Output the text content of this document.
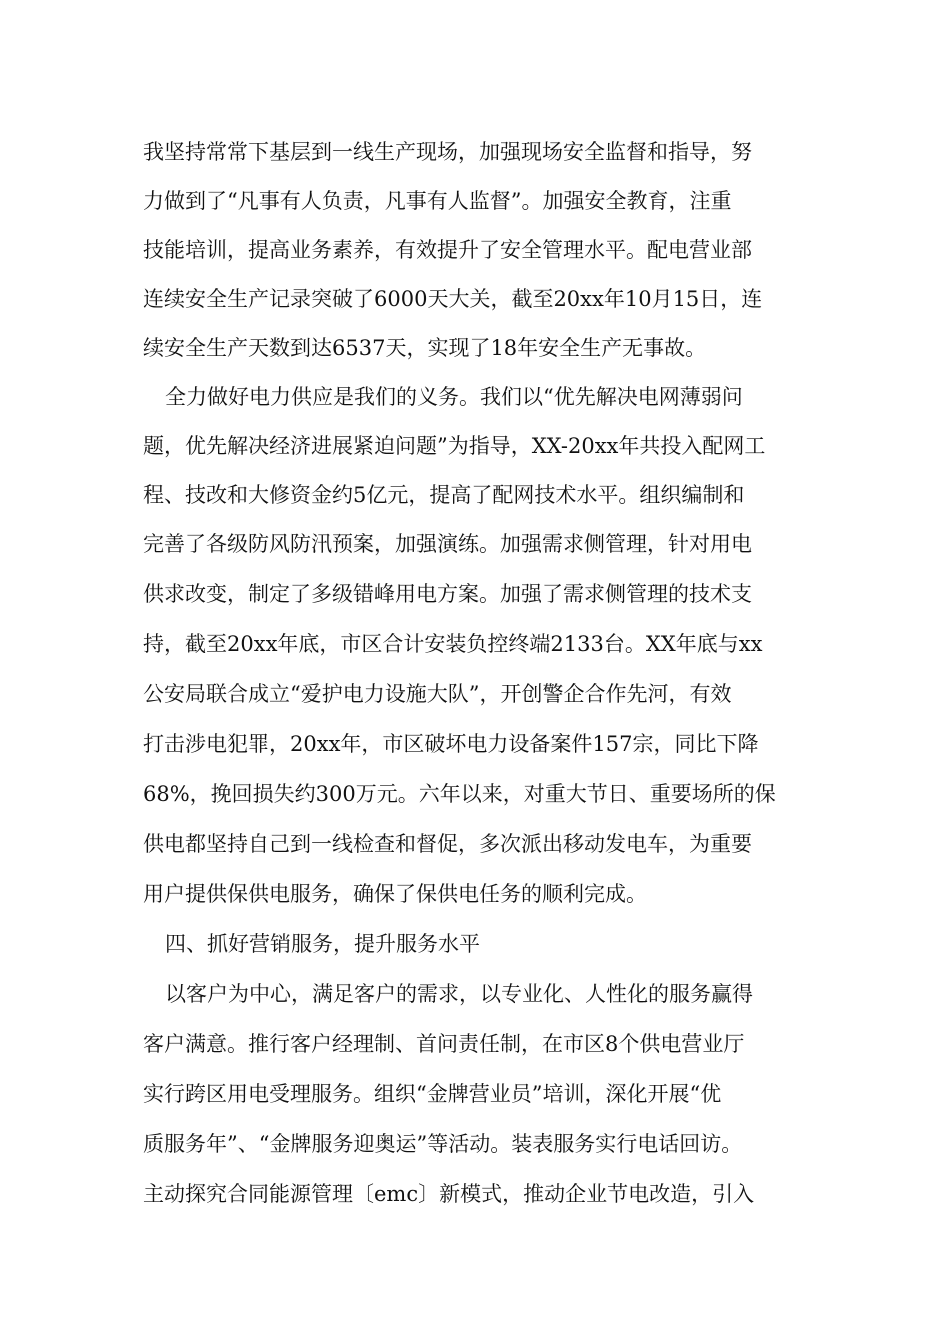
我坚持常常下基层到一线生产现场，加强现场安全监督和指导，努
力做到了“凡事有人负责，凡事有人监督”。加强安全教育，注重
技能培训，提高业务素养，有效提升了安全管理水平。配电营业部
连续安全生产记录突破了6000天大关，截至20xx年10月15日，连
续安全生产天数到达6537天，实现了18年安全生产无事故。
全力做好电力供应是我们的义务。我们以“优先解决电网薄弱问
题，优先解决经济进展紧迫问题”为指导，XX-20xx年共投入配网工
程、技改和大修资金约5亿元，提高了配网技术水平。组织编制和
完善了各级防风防汛预案，加强演练。加强需求侧管理，针对用电
供求改变，制定了多级错峰用电方案。加强了需求侧管理的技术支
持，截至20xx年底，市区合计安装负控终端2133台。XX年底与xx
公安局联合成立“爱护电力设施大队”，开创警企合作先河，有效
打击涉电犯罪，20xx年，市区破坏电力设备案件157宗，同比下降
68%，挽回损失约300万元。六年以来，对重大节日、重要场所的保
供电都坚持自己到一线检查和督促，多次派出移动发电车，为重要
用户提供保供电服务，确保了保供电任务的顺利完成。
四、抓好营销服务，提升服务水平
以客户为中心，满足客户的需求，以专业化、人性化的服务赢得
客户满意。推行客户经理制、首问责任制，在市区8个供电营业厅
实行跨区用电受理服务。组织“金牌营业员”培训，深化开展“优
质服务年”、“金牌服务迎奥运”等活动。装表服务实行电话回访。
主动探究合同能源管理〔emc〕新模式，推动企业节电改造，引入
